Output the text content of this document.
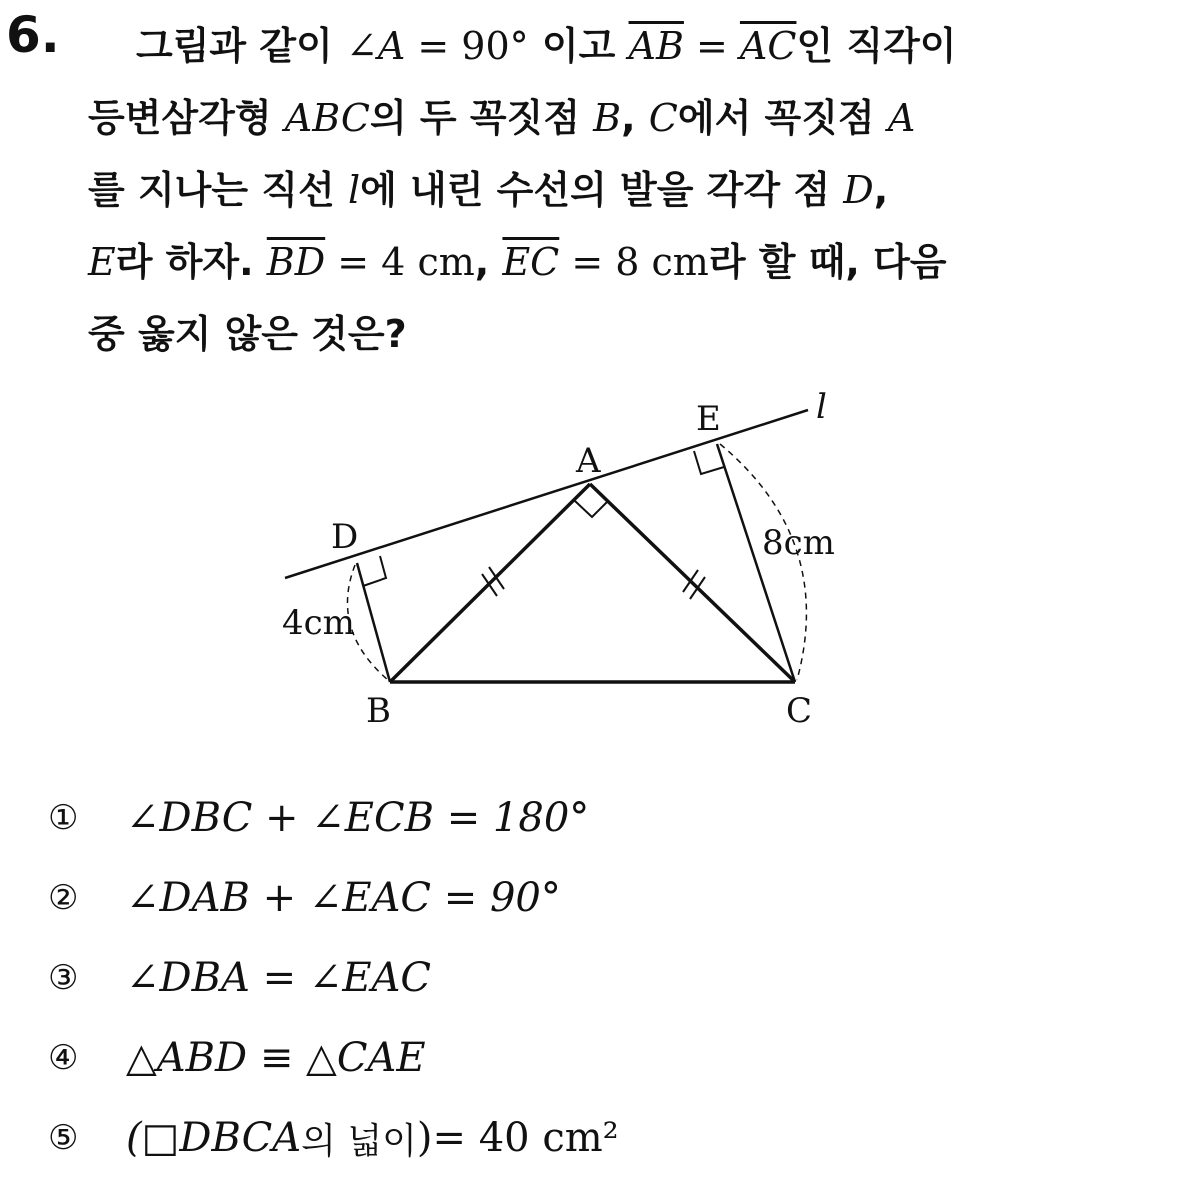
6.	그림과 같이 ∠A = 90° 이고 $\overline{AB} = \overline{AC}$인 직각이
등변삼각형 ABC의 두 꼭짓점 B, C에서 꼭짓점 A
를 지나는 직선 l에 내린 수선의 발을 각각 점 D,
E라 하자. $\overline{BD} = 4$ cm, $\overline{EC} = 8$ cm라 할 때, 다음
중 옳지 않은 것은?
A
B	C
D
E	l
4cm
8cm
①	∠DBC + ∠ECB = 180°
②	∠DAB + ∠EAC = 90°
③	∠DBA = ∠EAC
④	△ABD ≡ △CAE
⑤	(□DBCA 의 넓이 )= 40 cm²
